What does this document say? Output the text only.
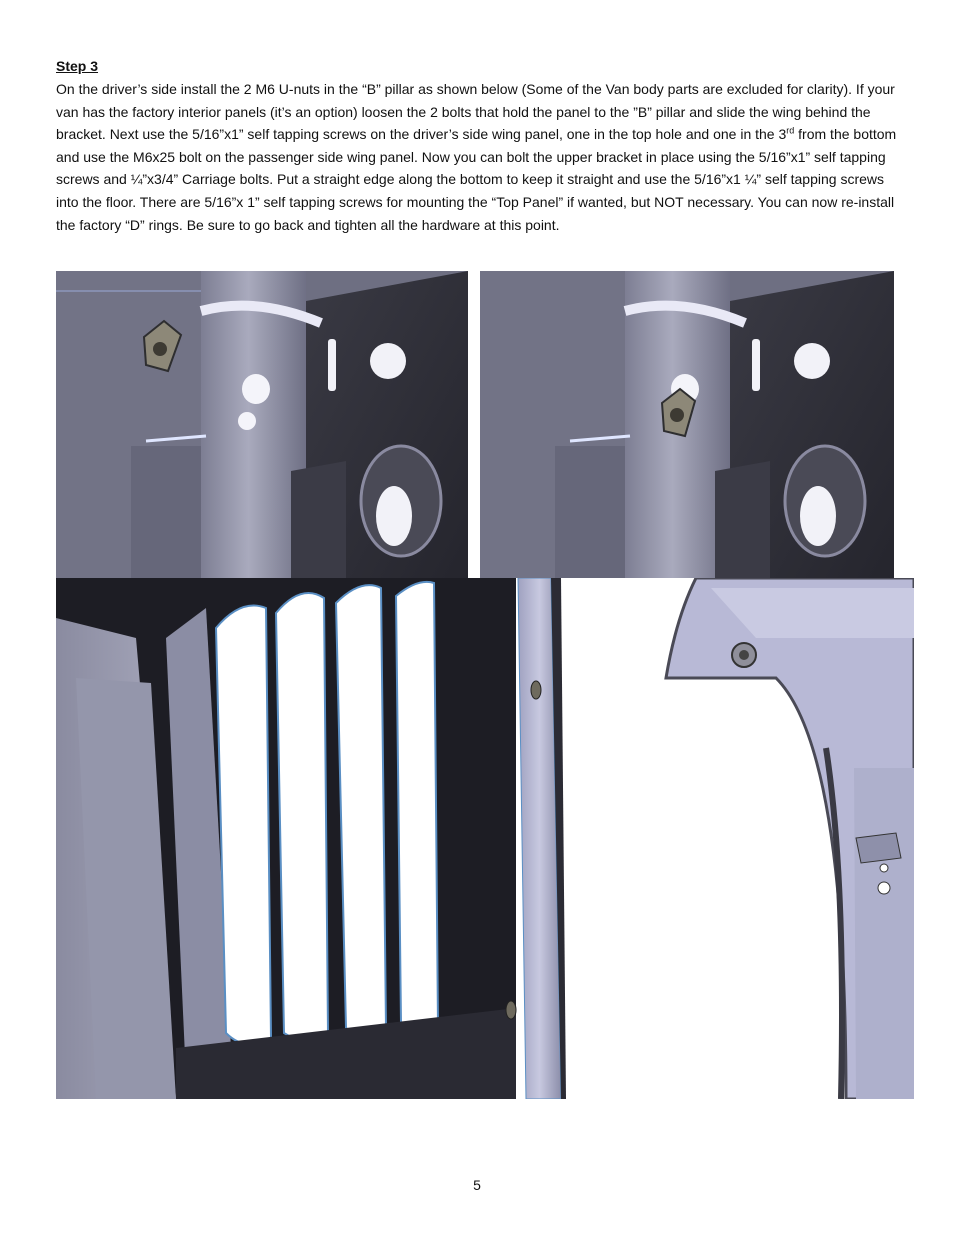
Step 3

On the driver’s side install the 2 M6 U-nuts in the “B” pillar as shown below (Some of the Van body parts are excluded for clarity). If your van has the factory interior panels (it’s an option) loosen the 2 bolts that hold the panel to the ”B” pillar and slide the wing behind the bracket. Next use the 5/16”x1” self tapping screws on the driver’s side wing panel, one in the top hole and one in the 3rd from the bottom and use the M6x25 bolt on the passenger side wing panel. Now you can bolt the upper bracket in place using the 5/16”x1” self tapping screws and ¼”x3/4” Carriage bolts. Put a straight edge along the bottom to keep it straight and use the 5/16”x1 ¼” self tapping screws into the floor. There are 5/16”x 1” self tapping screws for mounting the “Top Panel” if wanted, but NOT necessary. You can now re-install the factory “D” rings. Be sure to go back and tighten all the hardware at this point.

5
